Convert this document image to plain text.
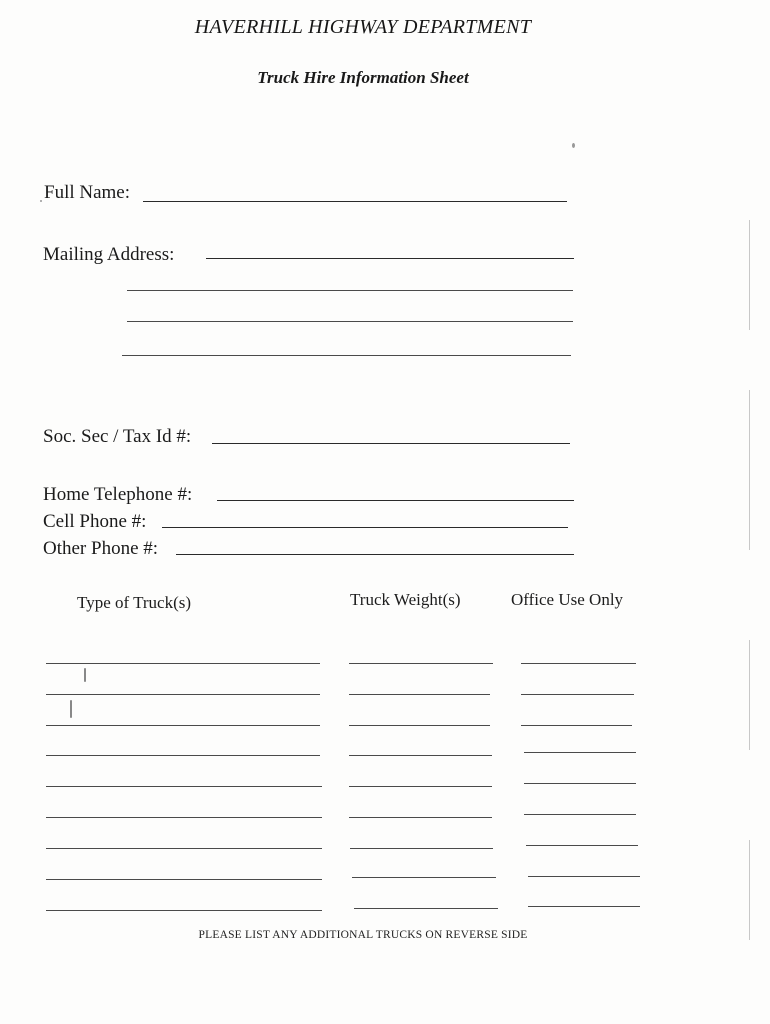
HAVERHILL HIGHWAY DEPARTMENT
Truck Hire Information Sheet
Full Name:
Mailing Address:
Soc. Sec / Tax Id #:
Home Telephone #:
Cell Phone #:
Other Phone #:
Type of Truck(s)	Truck Weight(s)	Office Use Only
PLEASE LIST ANY ADDITIONAL TRUCKS ON REVERSE SIDE
